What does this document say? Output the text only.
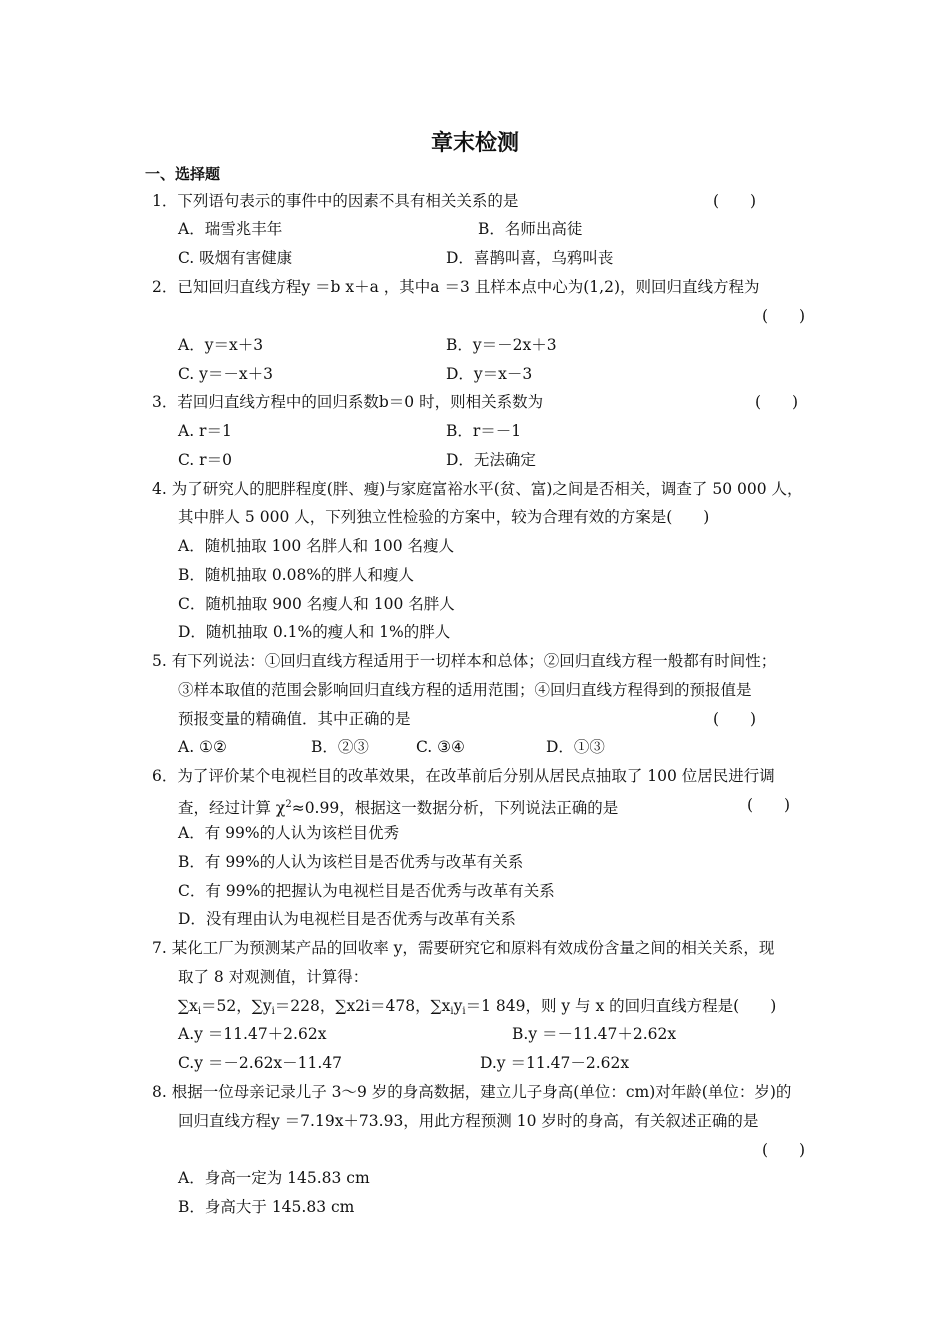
章末检测
一、选择题
1．下列语句表示的事件中的因素不具有相关关系的是	(　　)
A．瑞雪兆丰年	B．名师出高徒
C. 吸烟有害健康	D．喜鹊叫喜，乌鸦叫丧
2．已知回归直线方程y ＝b x＋a ，其中a ＝3 且样本点中心为(1,2)，则回归直线方程为
(　　)
A．y＝x＋3	B．y＝－2x＋3
C. y＝－x＋3	D．y＝x－3
3．若回归直线方程中的回归系数b＝0 时，则相关系数为	(　　)
A. r＝1	B．r＝－1
C. r＝0	D．无法确定
4. 为了研究人的肥胖程度(胖、瘦)与家庭富裕水平(贫、富)之间是否相关，调查了 50 000 人，
其中胖人 5 000 人，下列独立性检验的方案中，较为合理有效的方案是(　　)
A．随机抽取 100 名胖人和 100 名瘦人
B．随机抽取 0.08%的胖人和瘦人
C．随机抽取 900 名瘦人和 100 名胖人
D．随机抽取 0.1%的瘦人和 1%的胖人
5. 有下列说法：①回归直线方程适用于一切样本和总体；②回归直线方程一般都有时间性；
③样本取值的范围会影响回归直线方程的适用范围；④回归直线方程得到的预报值是
预报变量的精确值．其中正确的是	(　　)
A. ①②	B．②③	C. ③④	D．①③
6．为了评价某个电视栏目的改革效果，在改革前后分别从居民点抽取了 100 位居民进行调
查，经过计算 $\chi^2\approx 0.99$，根据这一数据分析，下列说法正确的是	(　　)
A．有 99%的人认为该栏目优秀
B．有 99%的人认为该栏目是否优秀与改革有关系
C．有 99%的把握认为电视栏目是否优秀与改革有关系
D．没有理由认为电视栏目是否优秀与改革有关系
7. 某化工厂为预测某产品的回收率 y，需要研究它和原料有效成份含量之间的相关关系，现
取了 8 对观测值，计算得：
$\sum x_i=52$，$\sum y_i=228$，∑x2i＝478，$\sum x_iy_i=1$ 849，则 y 与 x 的回归直线方程是(　　)
A.y ＝11.47＋2.62x	B.y ＝－11.47＋2.62x
C.y ＝－2.62x－11.47	D.y ＝11.47－2.62x
8. 根据一位母亲记录儿子 3～9 岁的身高数据，建立儿子身高(单位：cm)对年龄(单位：岁)的
回归直线方程y ＝7.19x＋73.93，用此方程预测 10 岁时的身高，有关叙述正确的是
(　　)
A．身高一定为 145.83 cm
B．身高大于 145.83 cm
